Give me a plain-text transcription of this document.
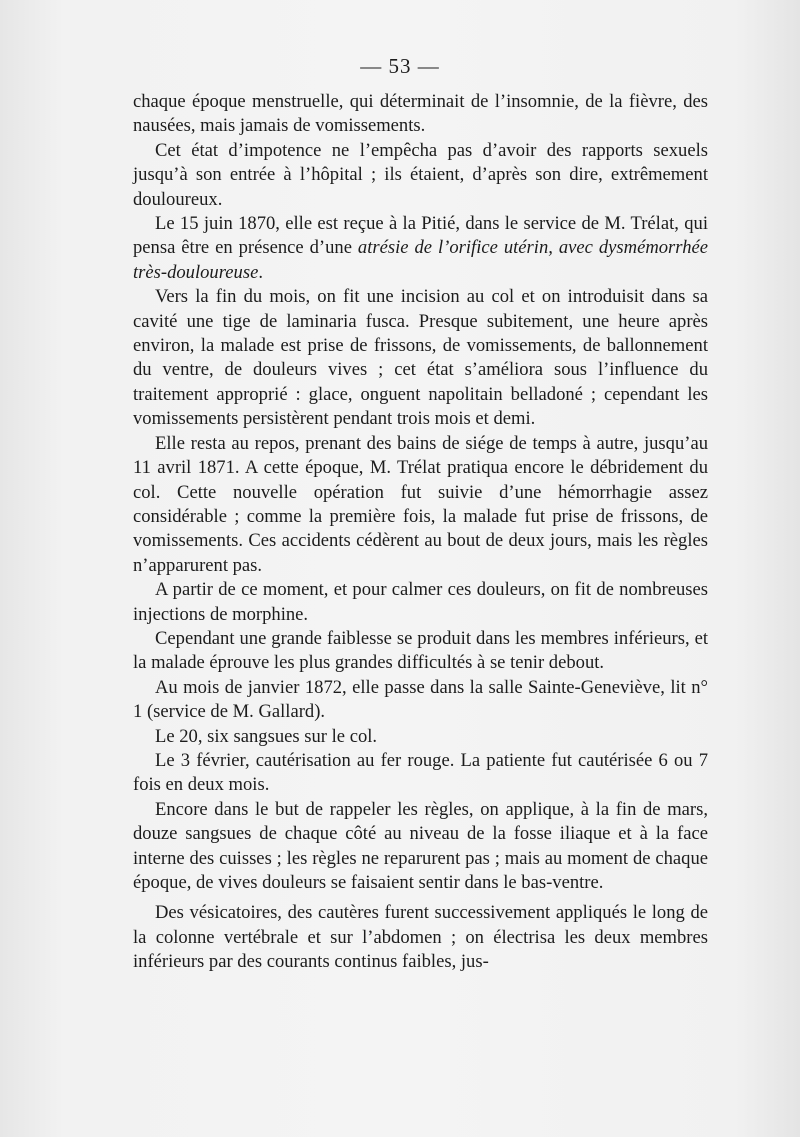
— 53 —

chaque époque menstruelle, qui déterminait de l’insomnie, de la fièvre, des nausées, mais jamais de vomissements.

Cet état d’impotence ne l’empêcha pas d’avoir des rapports sexuels jusqu’à son entrée à l’hôpital ; ils étaient, d’après son dire, extrêmement douloureux.

Le 15 juin 1870, elle est reçue à la Pitié, dans le service de M. Trélat, qui pensa être en présence d’une atrésie de l’orifice utérin, avec dysmémorrhée très-douloureuse.

Vers la fin du mois, on fit une incision au col et on introduisit dans sa cavité une tige de laminaria fusca. Presque subitement, une heure après environ, la malade est prise de frissons, de vomissements, de ballonnement du ventre, de douleurs vives ; cet état s’améliora sous l’influence du traitement approprié : glace, onguent napolitain belladoné ; cependant les vomissements persistèrent pendant trois mois et demi.

Elle resta au repos, prenant des bains de siége de temps à autre, jusqu’au 11 avril 1871. A cette époque, M. Trélat pratiqua encore le débridement du col. Cette nouvelle opération fut suivie d’une hémorrhagie assez considérable ; comme la première fois, la malade fut prise de frissons, de vomissements. Ces accidents cédèrent au bout de deux jours, mais les règles n’apparurent pas.

A partir de ce moment, et pour calmer ces douleurs, on fit de nombreuses injections de morphine.

Cependant une grande faiblesse se produit dans les membres inférieurs, et la malade éprouve les plus grandes difficultés à se tenir debout.

Au mois de janvier 1872, elle passe dans la salle Sainte-Geneviève, lit n° 1 (service de M. Gallard).

Le 20, six sangsues sur le col.

Le 3 février, cautérisation au fer rouge. La patiente fut cautérisée 6 ou 7 fois en deux mois.

Encore dans le but de rappeler les règles, on applique, à la fin de mars, douze sangsues de chaque côté au niveau de la fosse iliaque et à la face interne des cuisses ; les règles ne reparurent pas ; mais au moment de chaque époque, de vives douleurs se faisaient sentir dans le bas-ventre.

Des vésicatoires, des cautères furent successivement appliqués le long de la colonne vertébrale et sur l’abdomen ; on électrisa les deux membres inférieurs par des courants continus faibles, jus-
